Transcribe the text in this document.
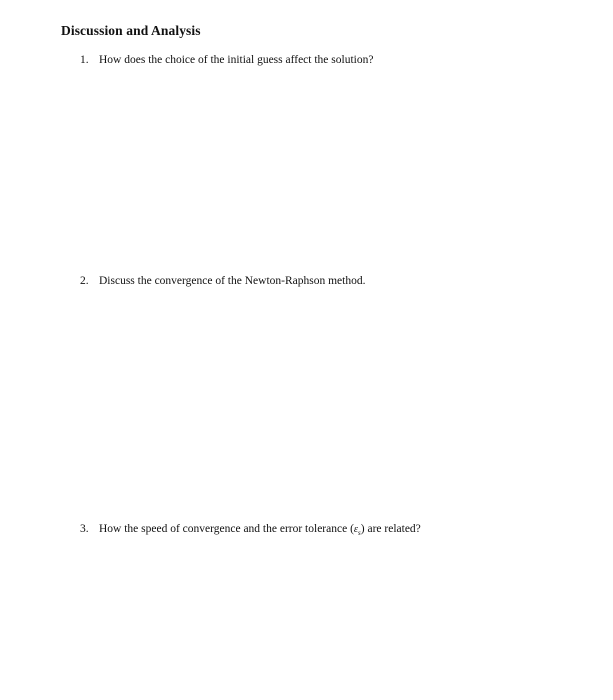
Discussion and Analysis
1. How does the choice of the initial guess affect the solution?
2. Discuss the convergence of the Newton-Raphson method.
3. How the speed of convergence and the error tolerance $(\varepsilon_s)$ are related?
